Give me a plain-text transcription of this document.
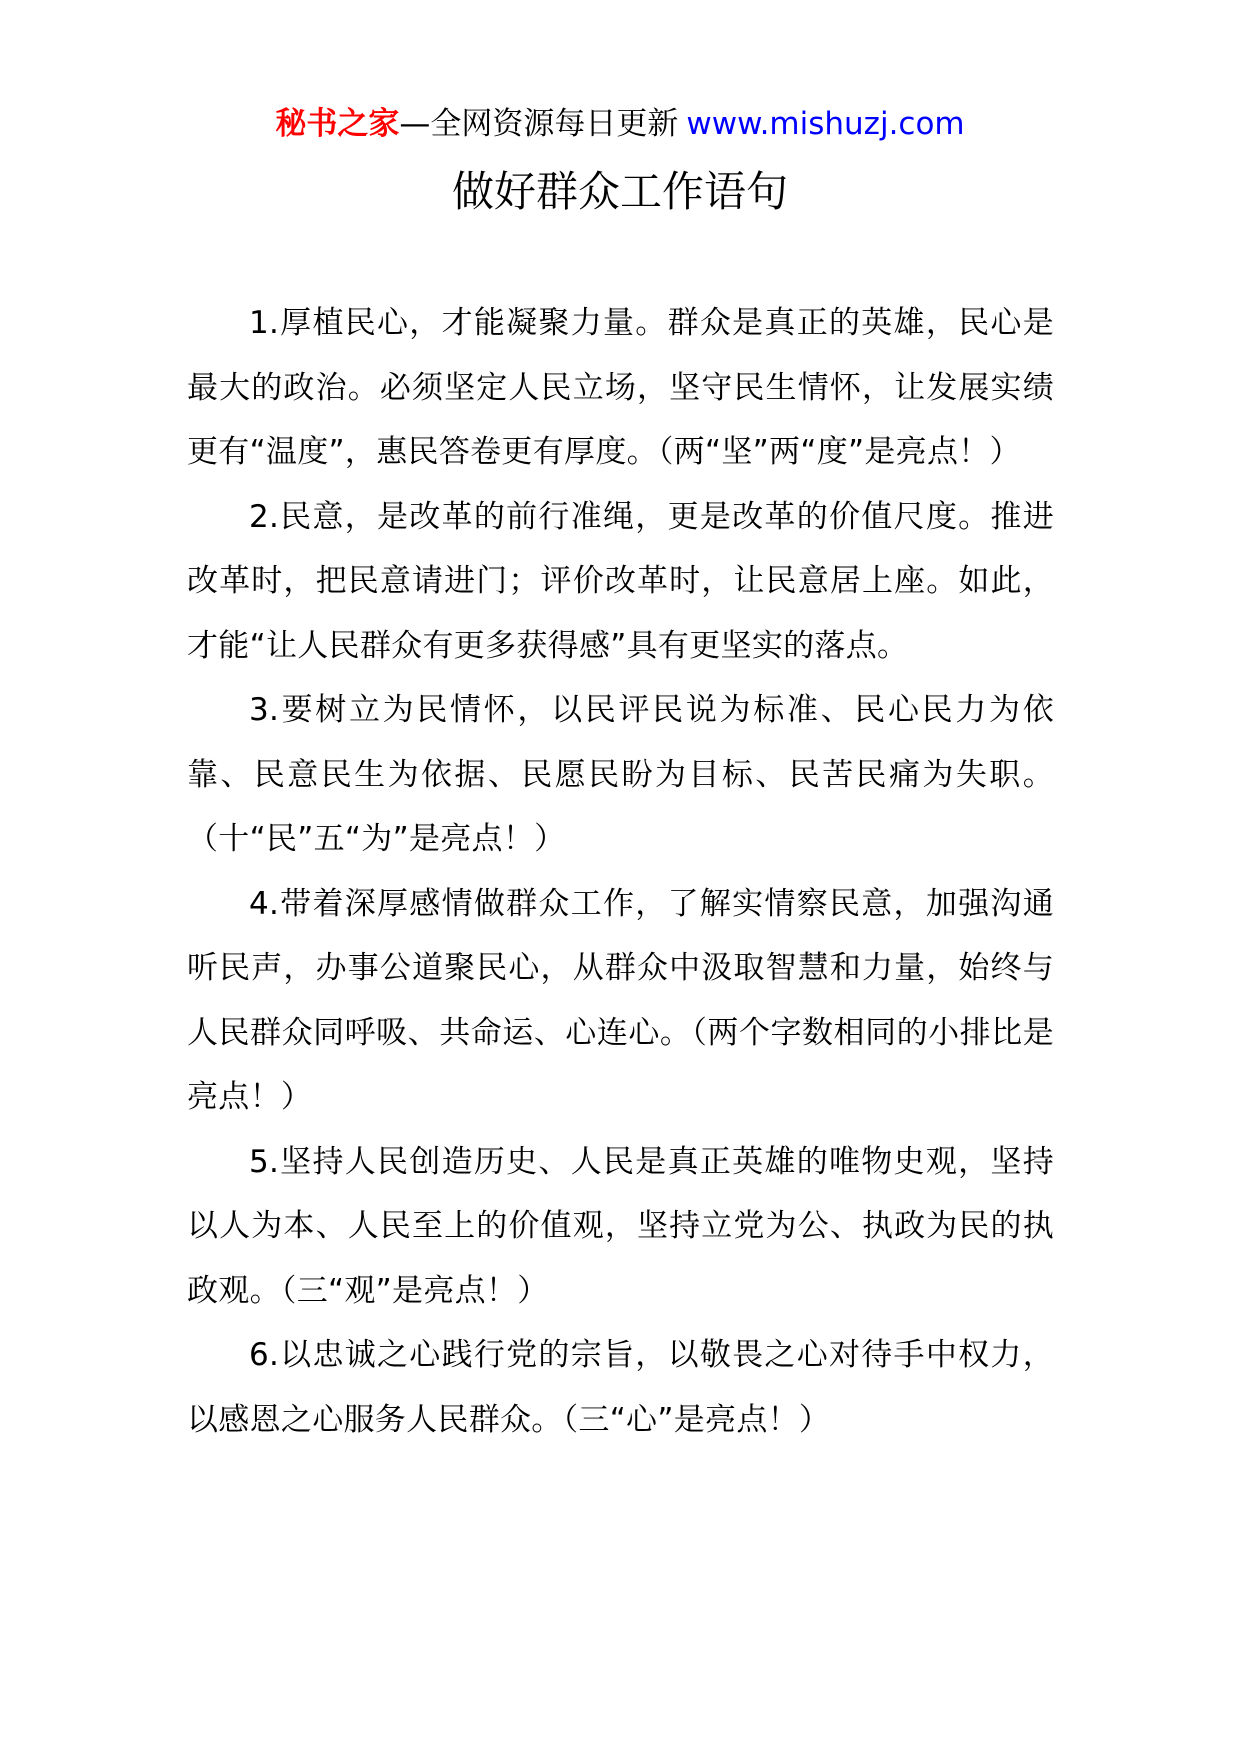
秘书之家—全网资源每日更新 www.mishuzj.com
做好群众工作语句

1.厚植民心，才能凝聚力量。群众是真正的英雄，民心是最大的政治。必须坚定人民立场，坚守民生情怀，让发展实绩更有“温度”，惠民答卷更有厚度。（两“坚”两“度”是亮点！）

2.民意，是改革的前行准绳，更是改革的价值尺度。推进改革时，把民意请进门；评价改革时，让民意居上座。如此，才能“让人民群众有更多获得感”具有更坚实的落点。

3.要树立为民情怀，以民评民说为标准、民心民力为依靠、民意民生为依据、民愿民盼为目标、民苦民痛为失职。（十“民”五“为”是亮点！）

4.带着深厚感情做群众工作，了解实情察民意，加强沟通听民声，办事公道聚民心，从群众中汲取智慧和力量，始终与人民群众同呼吸、共命运、心连心。（两个字数相同的小排比是亮点！）

5.坚持人民创造历史、人民是真正英雄的唯物史观，坚持以人为本、人民至上的价值观，坚持立党为公、执政为民的执政观。（三“观”是亮点！）

6.以忠诚之心践行党的宗旨，以敬畏之心对待手中权力，以感恩之心服务人民群众。（三“心”是亮点！）
